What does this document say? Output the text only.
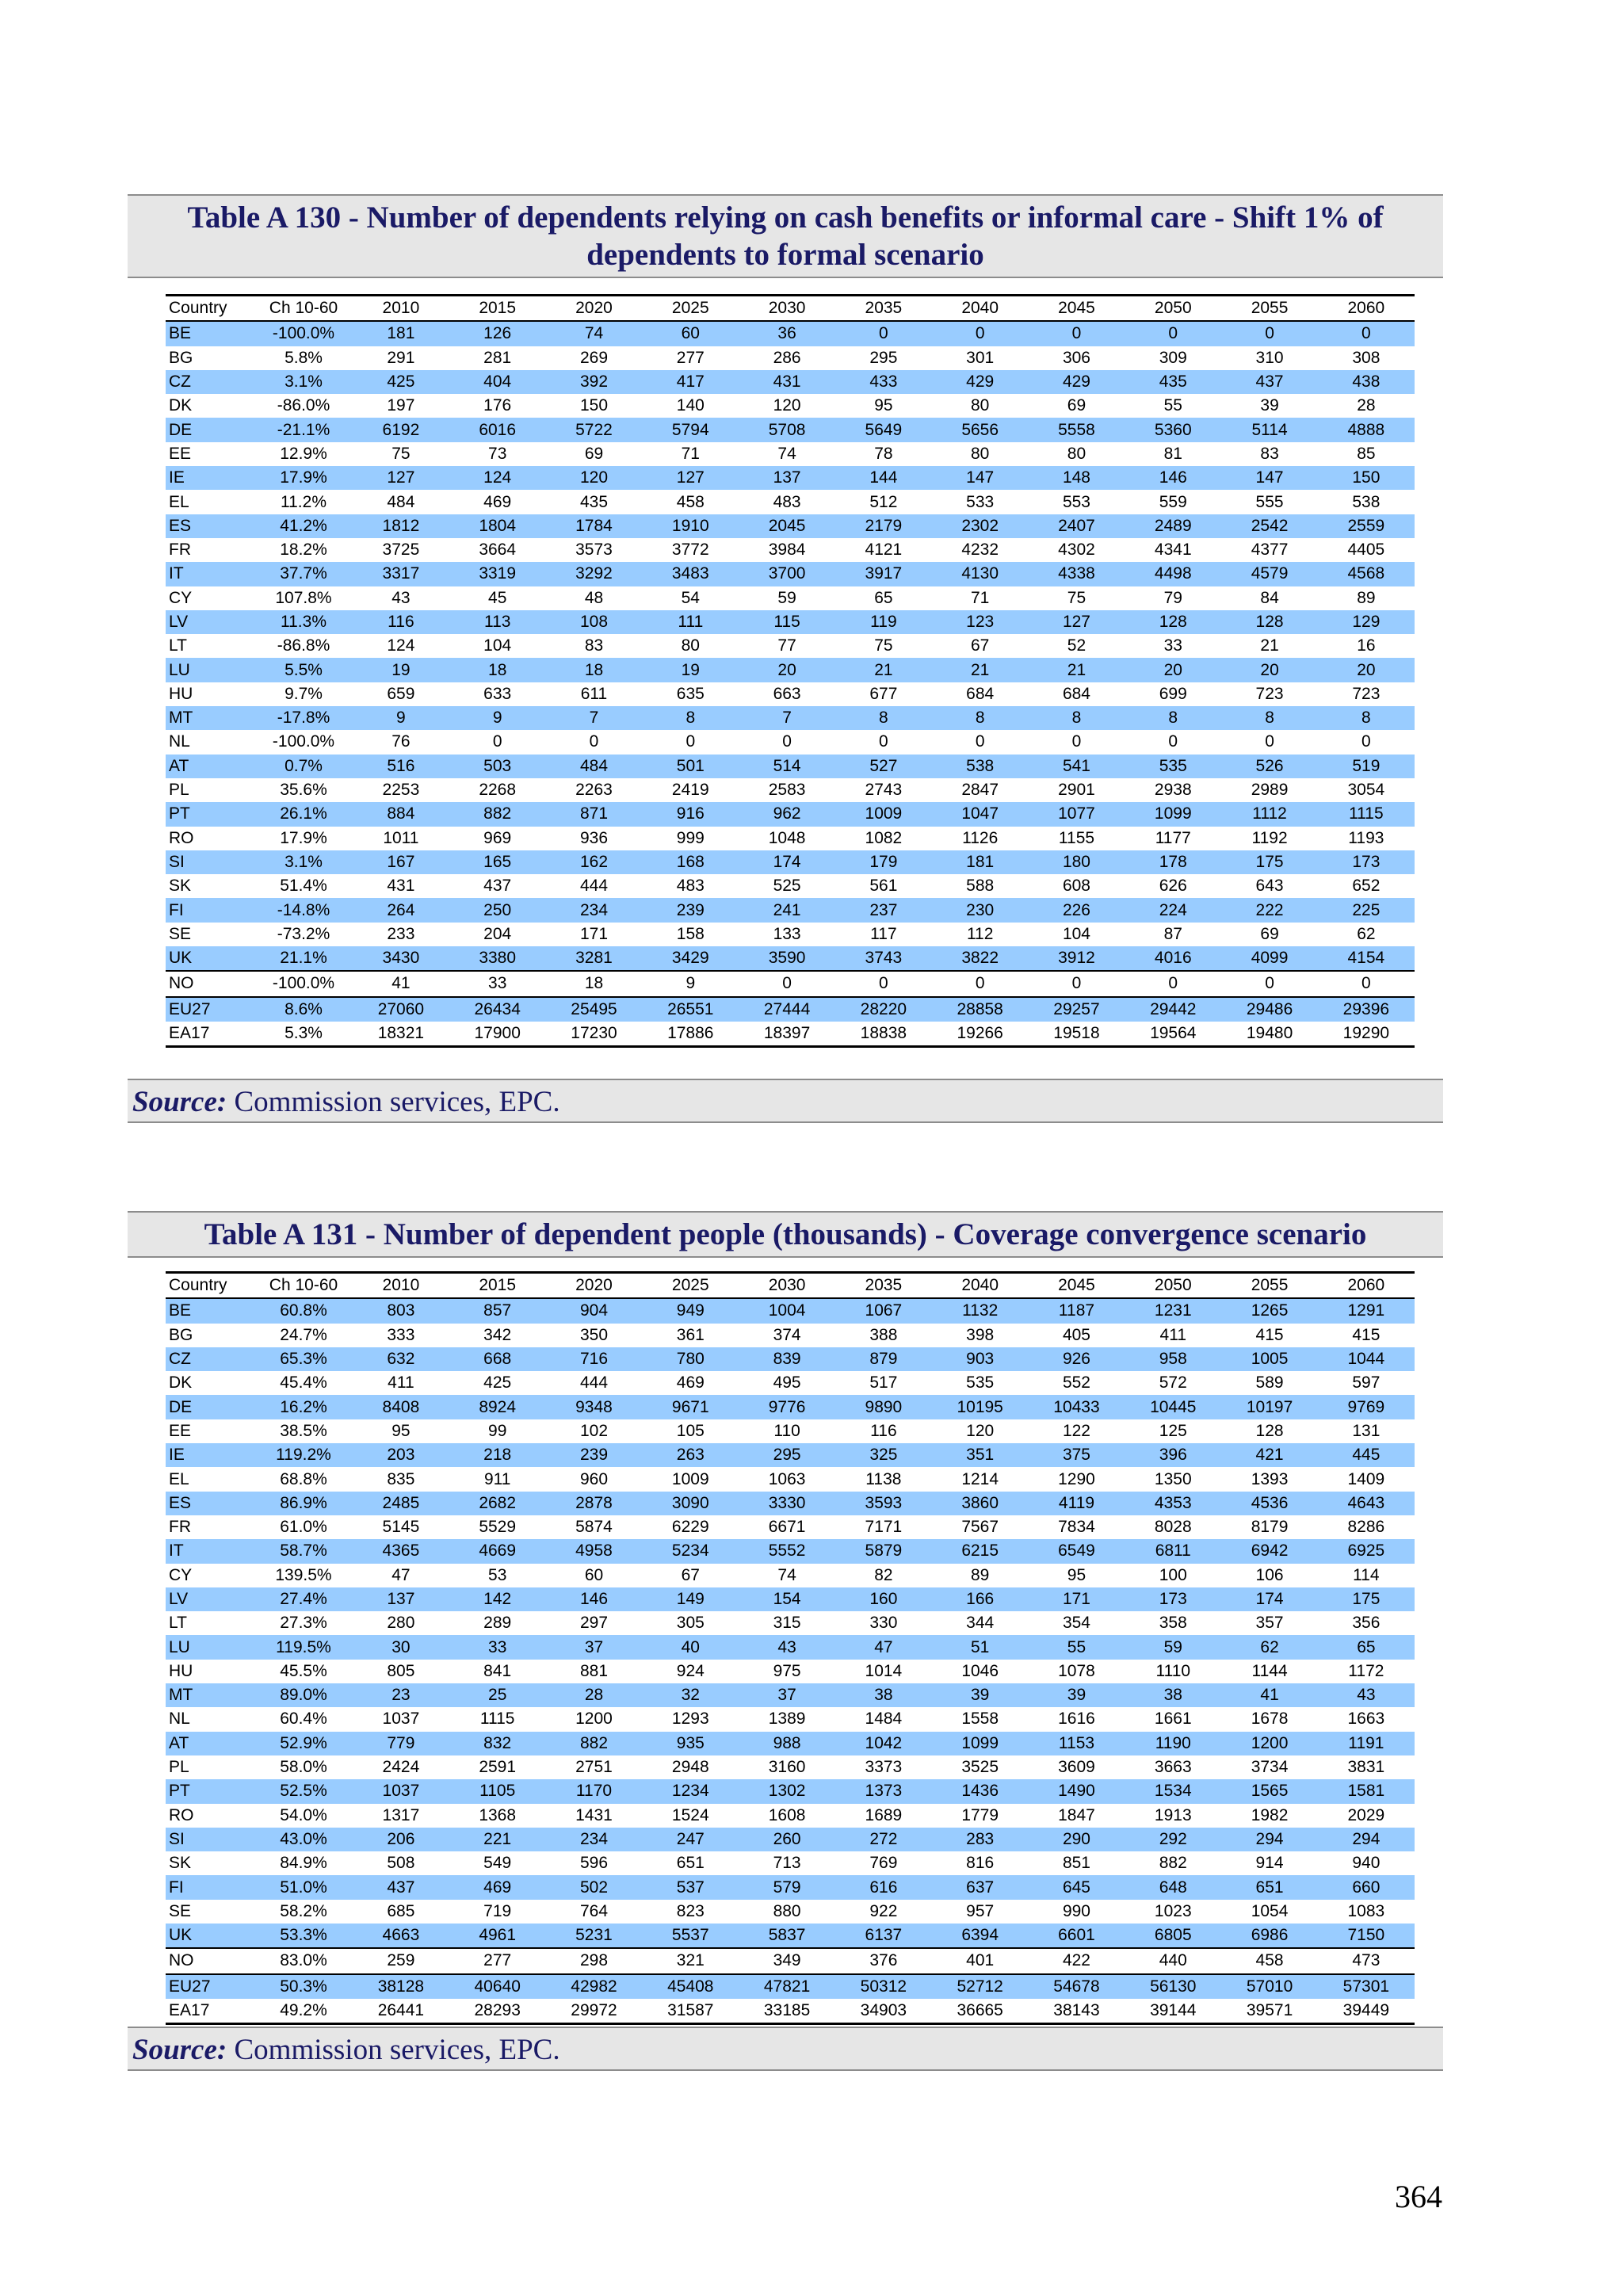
Table A 130 - Number of dependents relying on cash benefits or informal care - Shift 1% of dependents to formal scenario
Country	Ch 10-60	2010	2015	2020	2025	2030	2035	2040	2045	2050	2055	2060
BE	-100.0%	181	126	74	60	36	0	0	0	0	0	0
BG	5.8%	291	281	269	277	286	295	301	306	309	310	308
CZ	3.1%	425	404	392	417	431	433	429	429	435	437	438
DK	-86.0%	197	176	150	140	120	95	80	69	55	39	28
DE	-21.1%	6192	6016	5722	5794	5708	5649	5656	5558	5360	5114	4888
EE	12.9%	75	73	69	71	74	78	80	80	81	83	85
IE	17.9%	127	124	120	127	137	144	147	148	146	147	150
EL	11.2%	484	469	435	458	483	512	533	553	559	555	538
ES	41.2%	1812	1804	1784	1910	2045	2179	2302	2407	2489	2542	2559
FR	18.2%	3725	3664	3573	3772	3984	4121	4232	4302	4341	4377	4405
IT	37.7%	3317	3319	3292	3483	3700	3917	4130	4338	4498	4579	4568
CY	107.8%	43	45	48	54	59	65	71	75	79	84	89
LV	11.3%	116	113	108	111	115	119	123	127	128	128	129
LT	-86.8%	124	104	83	80	77	75	67	52	33	21	16
LU	5.5%	19	18	18	19	20	21	21	21	20	20	20
HU	9.7%	659	633	611	635	663	677	684	684	699	723	723
MT	-17.8%	9	9	7	8	7	8	8	8	8	8	8
NL	-100.0%	76	0	0	0	0	0	0	0	0	0	0
AT	0.7%	516	503	484	501	514	527	538	541	535	526	519
PL	35.6%	2253	2268	2263	2419	2583	2743	2847	2901	2938	2989	3054
PT	26.1%	884	882	871	916	962	1009	1047	1077	1099	1112	1115
RO	17.9%	1011	969	936	999	1048	1082	1126	1155	1177	1192	1193
SI	3.1%	167	165	162	168	174	179	181	180	178	175	173
SK	51.4%	431	437	444	483	525	561	588	608	626	643	652
FI	-14.8%	264	250	234	239	241	237	230	226	224	222	225
SE	-73.2%	233	204	171	158	133	117	112	104	87	69	62
UK	21.1%	3430	3380	3281	3429	3590	3743	3822	3912	4016	4099	4154
NO	-100.0%	41	33	18	9	0	0	0	0	0	0	0
EU27	8.6%	27060	26434	25495	26551	27444	28220	28858	29257	29442	29486	29396
EA17	5.3%	18321	17900	17230	17886	18397	18838	19266	19518	19564	19480	19290
Source: Commission services, EPC.
Table A 131 - Number of dependent people (thousands) - Coverage convergence scenario
Country	Ch 10-60	2010	2015	2020	2025	2030	2035	2040	2045	2050	2055	2060
BE	60.8%	803	857	904	949	1004	1067	1132	1187	1231	1265	1291
BG	24.7%	333	342	350	361	374	388	398	405	411	415	415
CZ	65.3%	632	668	716	780	839	879	903	926	958	1005	1044
DK	45.4%	411	425	444	469	495	517	535	552	572	589	597
DE	16.2%	8408	8924	9348	9671	9776	9890	10195	10433	10445	10197	9769
EE	38.5%	95	99	102	105	110	116	120	122	125	128	131
IE	119.2%	203	218	239	263	295	325	351	375	396	421	445
EL	68.8%	835	911	960	1009	1063	1138	1214	1290	1350	1393	1409
ES	86.9%	2485	2682	2878	3090	3330	3593	3860	4119	4353	4536	4643
FR	61.0%	5145	5529	5874	6229	6671	7171	7567	7834	8028	8179	8286
IT	58.7%	4365	4669	4958	5234	5552	5879	6215	6549	6811	6942	6925
CY	139.5%	47	53	60	67	74	82	89	95	100	106	114
LV	27.4%	137	142	146	149	154	160	166	171	173	174	175
LT	27.3%	280	289	297	305	315	330	344	354	358	357	356
LU	119.5%	30	33	37	40	43	47	51	55	59	62	65
HU	45.5%	805	841	881	924	975	1014	1046	1078	1110	1144	1172
MT	89.0%	23	25	28	32	37	38	39	39	38	41	43
NL	60.4%	1037	1115	1200	1293	1389	1484	1558	1616	1661	1678	1663
AT	52.9%	779	832	882	935	988	1042	1099	1153	1190	1200	1191
PL	58.0%	2424	2591	2751	2948	3160	3373	3525	3609	3663	3734	3831
PT	52.5%	1037	1105	1170	1234	1302	1373	1436	1490	1534	1565	1581
RO	54.0%	1317	1368	1431	1524	1608	1689	1779	1847	1913	1982	2029
SI	43.0%	206	221	234	247	260	272	283	290	292	294	294
SK	84.9%	508	549	596	651	713	769	816	851	882	914	940
FI	51.0%	437	469	502	537	579	616	637	645	648	651	660
SE	58.2%	685	719	764	823	880	922	957	990	1023	1054	1083
UK	53.3%	4663	4961	5231	5537	5837	6137	6394	6601	6805	6986	7150
NO	83.0%	259	277	298	321	349	376	401	422	440	458	473
EU27	50.3%	38128	40640	42982	45408	47821	50312	52712	54678	56130	57010	57301
EA17	49.2%	26441	28293	29972	31587	33185	34903	36665	38143	39144	39571	39449
Source: Commission services, EPC.
364
